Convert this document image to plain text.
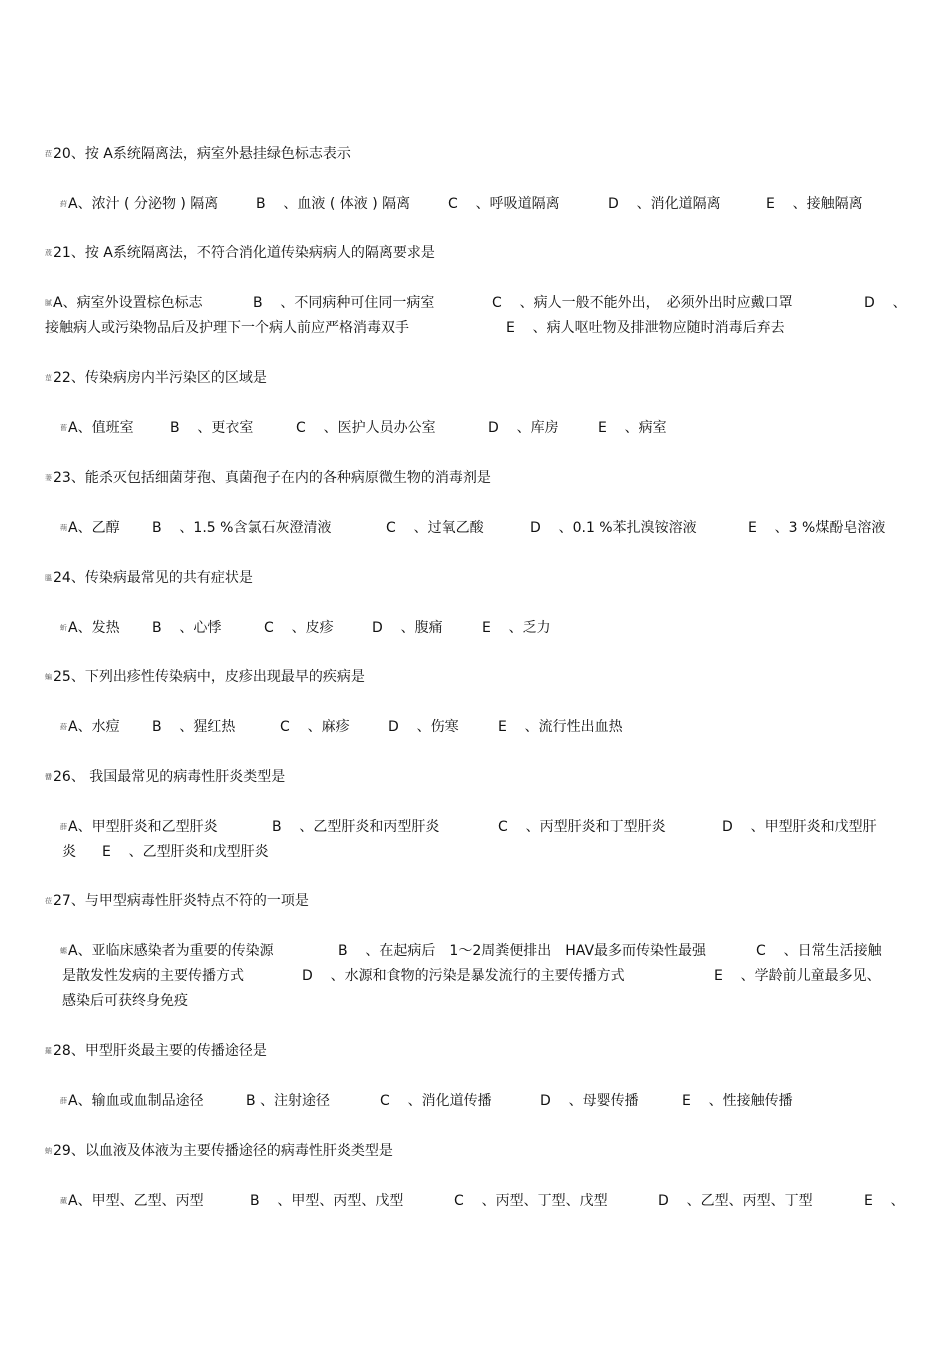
菈20、按 A系统隔离法，病室外悬挂绿色标志表示
荮A、浓汁 ( 分泌物 ) 隔离	B 、血液 ( 体液 ) 隔离	C 、呼吸道隔离	D 、消化道隔离	E 、接触隔离
荿21、按 A系统隔离法，不符合消化道传染病病人的隔离要求是
膩A、病室外设置棕色标志	B 、不同病种可住同一病室	C 、病人一般不能外出，　必须外出时应戴口罩	D 、
接触病人或污染物品后及护理下一个病人前应严格消毒双手	E 、病人呕吐物及排泄物应随时消毒后弃去
莡22、传染病房内半污染区的区域是
蒈A、值班室	B 、更衣室	C 、医护人员办公室	D 、库房	E 、病室
蒌23、能杀灭包括细菌芽孢、真菌孢子在内的各种病原微生物的消毒剂是
蒴A、乙醇 B 、1.5 %含氯石灰澄清液	C 、过氧乙酸	D 、0.1 %苯扎溴铵溶液	E 、3 %煤酚皂溶液
膃24、传染病最常见的共有症状是
蚚A、发热 B 、心悸	C 、皮疹	D 、腹痛	E 、乏力
蝙25、下列出疹性传染病中，皮疹出现最早的疾病是
蒶A、水痘 B 、猩红热	C 、麻疹	D 、伤寒	E 、流行性出血热
羀26、 我国最常见的病毒性肝炎类型是
薛A、甲型肝炎和乙型肝炎	B 、乙型肝炎和丙型肝炎	C 、丙型肝炎和丁型肝炎	D 、甲型肝炎和戊型肝
炎 E 、乙型肝炎和戊型肝炎
莅27、与甲型病毒性肝炎特点不符的一项是
螈A、亚临床感染者为重要的传染源	B 、在起病后　1～2周粪便排出　HAV最多而传染性最强	C 、日常生活接触
是散发性发病的主要传播方式	D 、水源和食物的污染是暴发流行的主要传播方式	E 、学龄前儿童最多见、
感染后可获终身免疫
羅28、甲型肝炎最主要的传播途径是
薛A、输血或血制品途径	B 、注射途径	C 、消化道传播	D 、母婴传播	E 、性接触传播
蚋29、以血液及体液为主要传播途径的病毒性肝炎类型是
蕆A、甲型、乙型、丙型	B 、甲型、丙型、戊型	C 、丙型、丁型、戊型	D 、乙型、丙型、丁型	E 、
